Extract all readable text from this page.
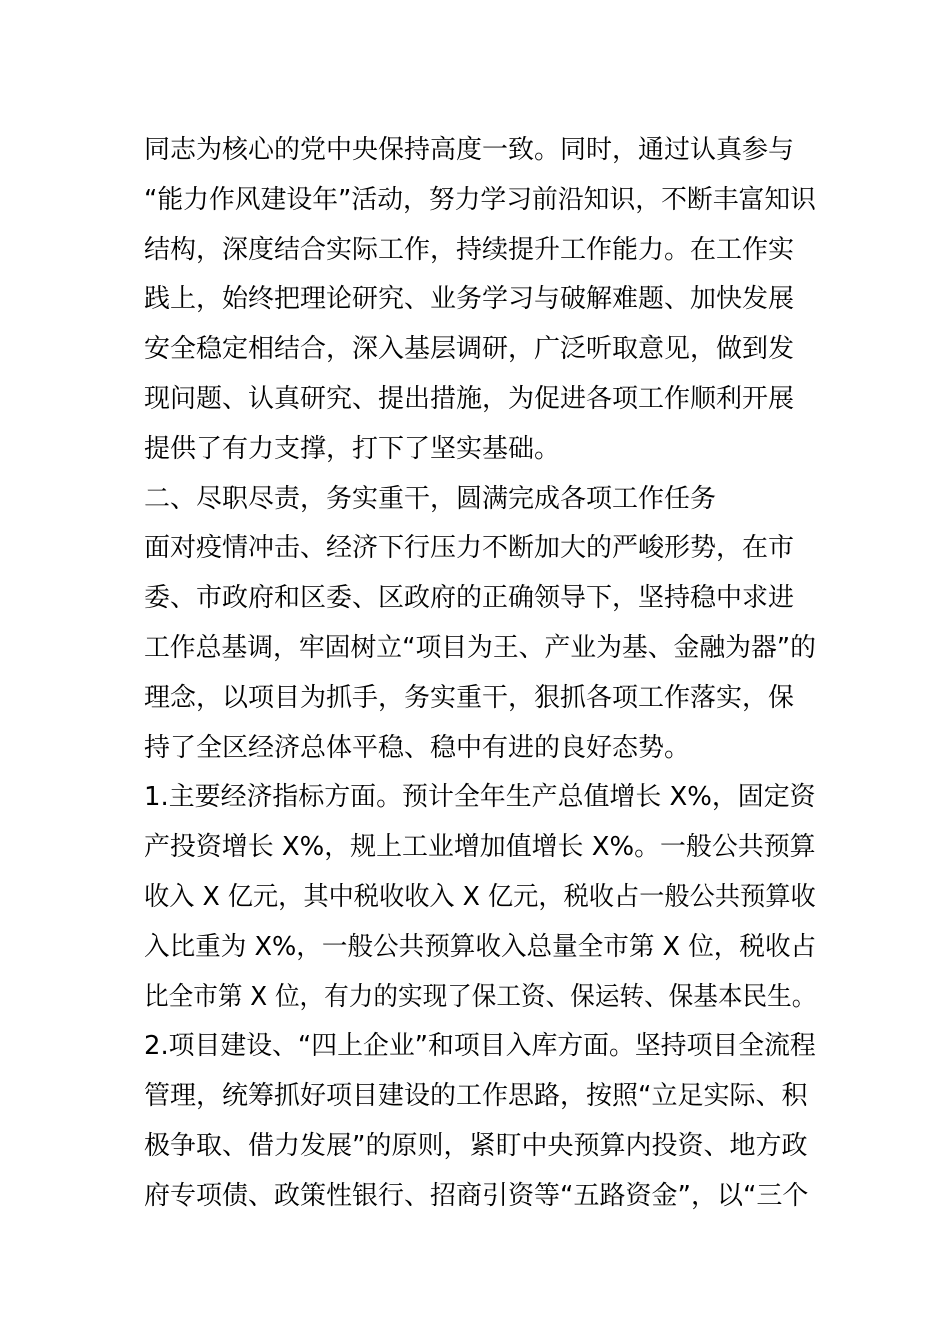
同志为核心的党中央保持高度一致。同时，通过认真参与
“能力作风建设年”活动，努力学习前沿知识，不断丰富知识
结构，深度结合实际工作，持续提升工作能力。在工作实
践上，始终把理论研究、业务学习与破解难题、加快发展
安全稳定相结合，深入基层调研，广泛听取意见，做到发
现问题、认真研究、提出措施，为促进各项工作顺利开展
提供了有力支撑，打下了坚实基础。
二、尽职尽责，务实重干，圆满完成各项工作任务
面对疫情冲击、经济下行压力不断加大的严峻形势，在市
委、市政府和区委、区政府的正确领导下，坚持稳中求进
工作总基调，牢固树立“项目为王、产业为基、金融为器”的
理念，以项目为抓手，务实重干，狠抓各项工作落实，保
持了全区经济总体平稳、稳中有进的良好态势。
1.主要经济指标方面。预计全年生产总值增长 X%，固定资
产投资增长 X%，规上工业增加值增长 X%。一般公共预算
收入 X 亿元，其中税收收入 X 亿元，税收占一般公共预算收
入比重为 X%，一般公共预算收入总量全市第 X 位，税收占
比全市第 X 位，有力的实现了保工资、保运转、保基本民生。
2.项目建设、“四上企业”和项目入库方面。坚持项目全流程
管理，统筹抓好项目建设的工作思路，按照“立足实际、积
极争取、借力发展”的原则，紧盯中央预算内投资、地方政
府专项债、政策性银行、招商引资等“五路资金”，以“三个
